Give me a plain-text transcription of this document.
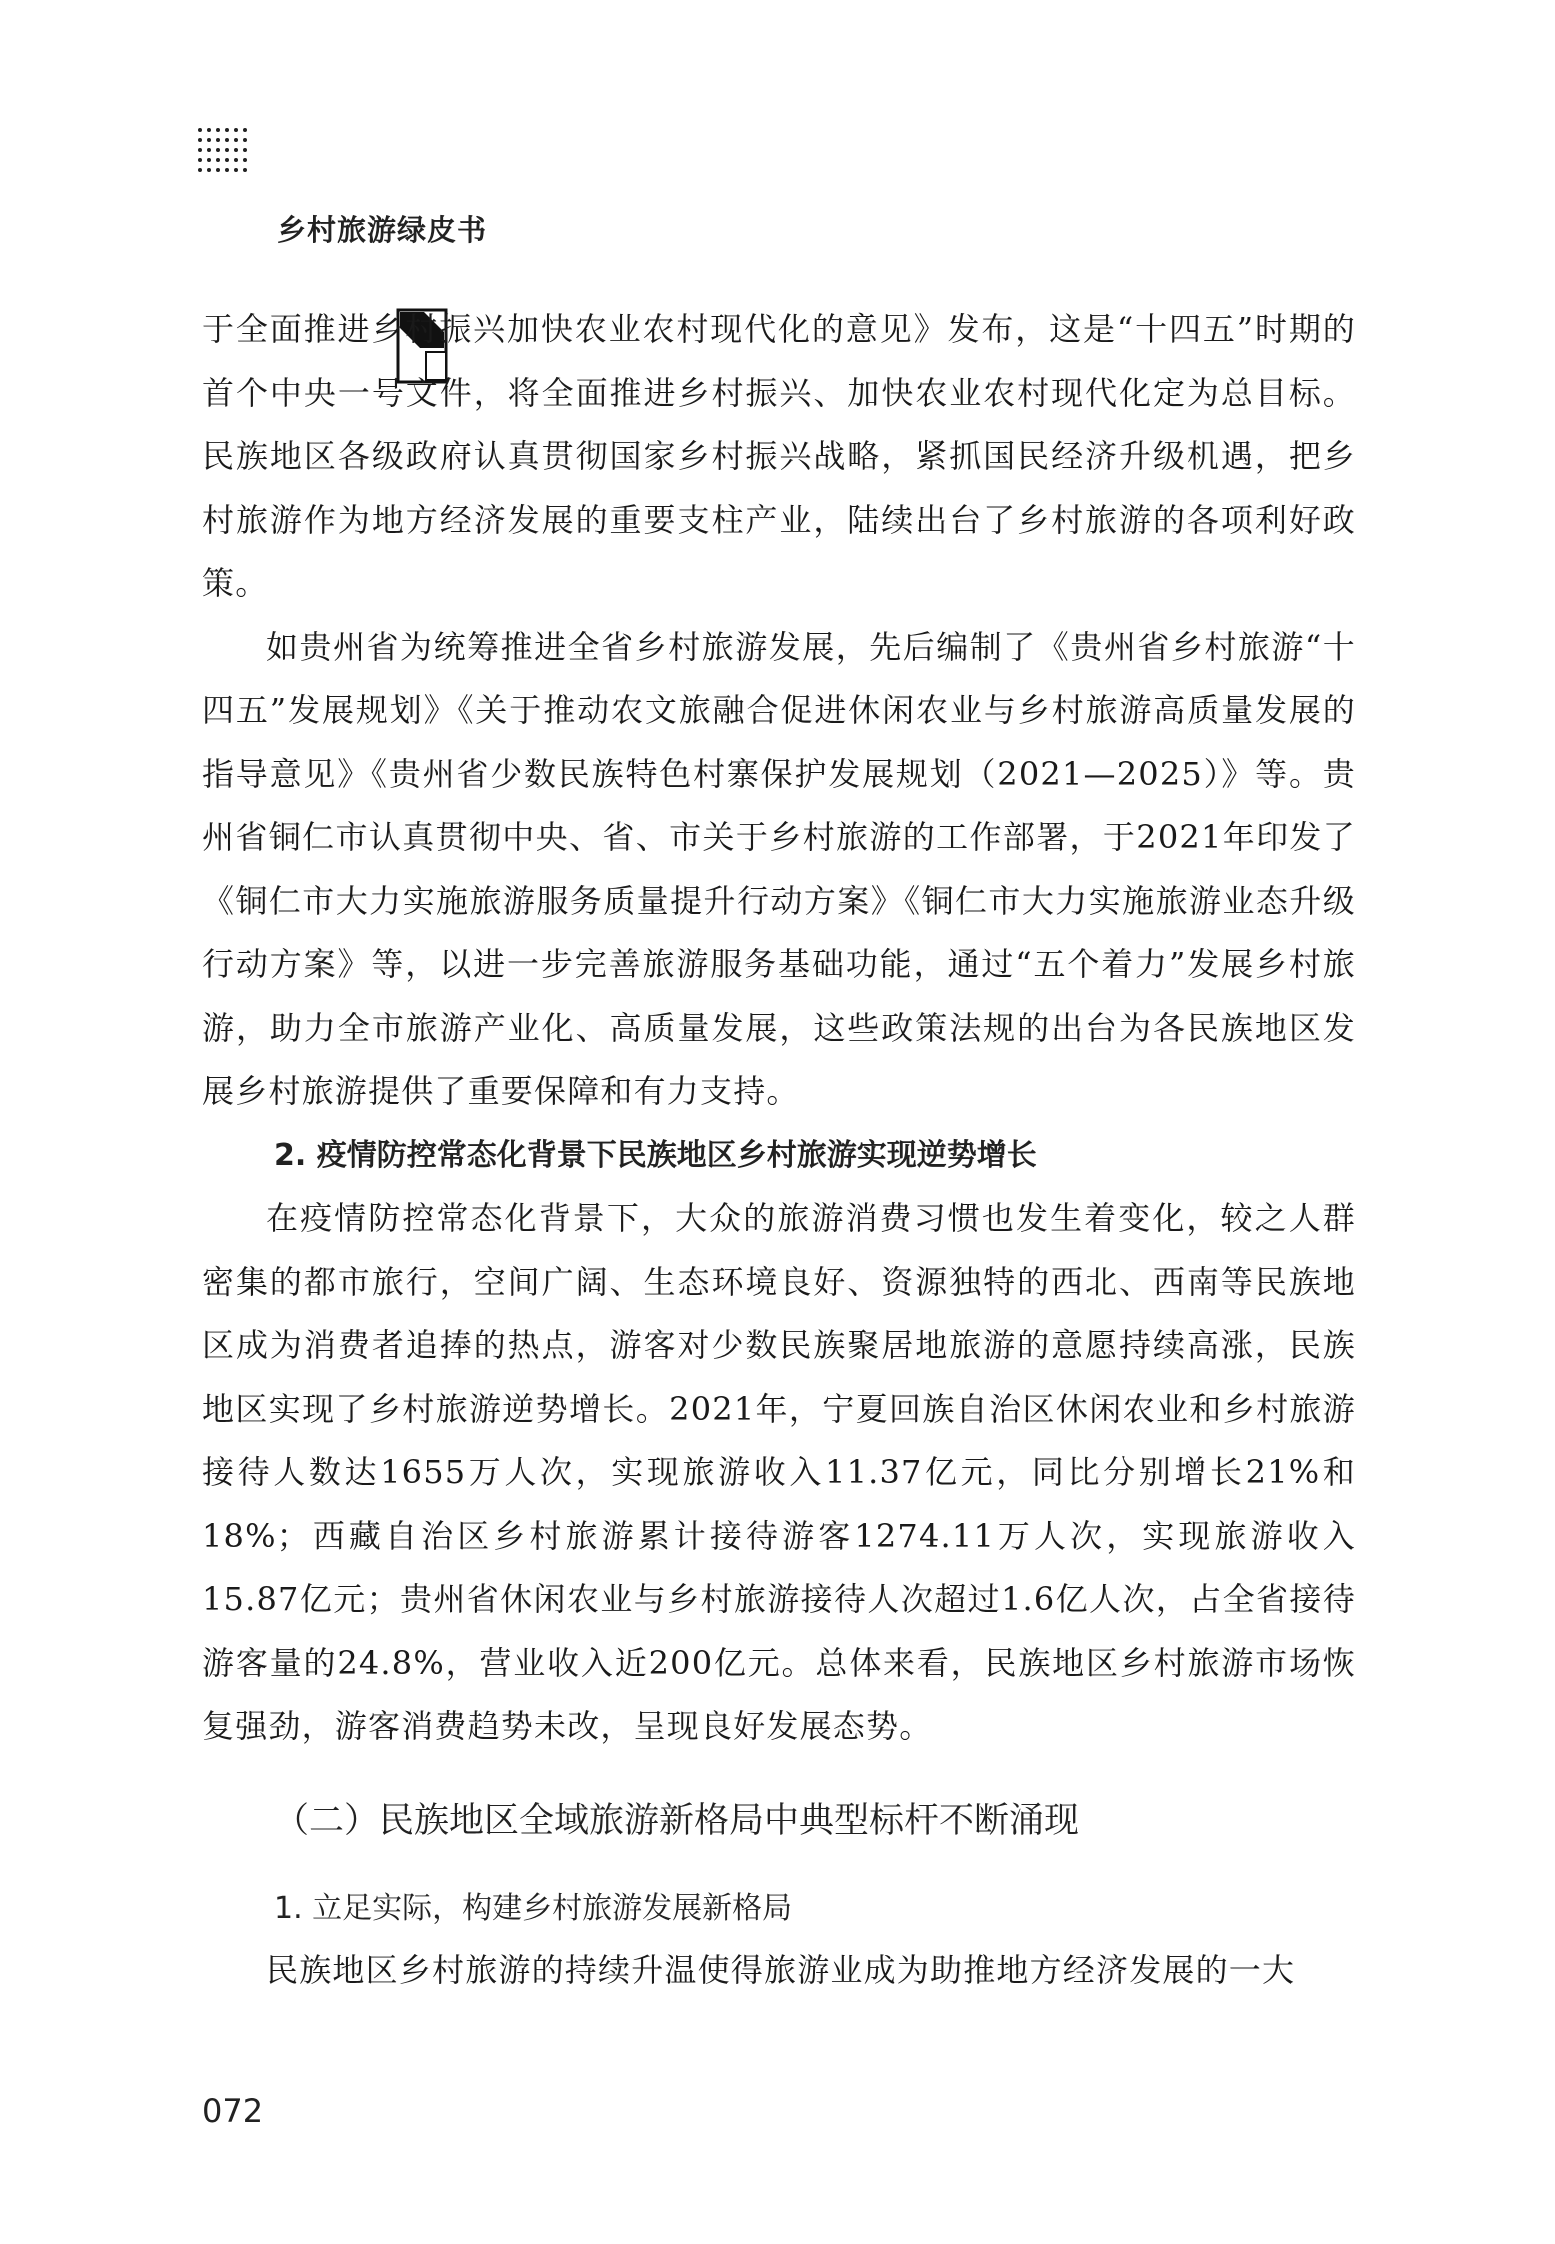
乡村旅游绿皮书

于全面推进乡村振兴加快农业农村现代化的意见》发布，这是“十四五”时期的首个中央一号文件，将全面推进乡村振兴、加快农业农村现代化定为总目标。民族地区各级政府认真贯彻国家乡村振兴战略，紧抓国民经济升级机遇，把乡村旅游作为地方经济发展的重要支柱产业，陆续出台了乡村旅游的各项利好政策。

如贵州省为统筹推进全省乡村旅游发展，先后编制了《贵州省乡村旅游“十四五”发展规划》《关于推动农文旅融合促进休闲农业与乡村旅游高质量发展的指导意见》《贵州省少数民族特色村寨保护发展规划（2021—2025）》等。贵州省铜仁市认真贯彻中央、省、市关于乡村旅游的工作部署，于2021年印发了《铜仁市大力实施旅游服务质量提升行动方案》《铜仁市大力实施旅游业态升级行动方案》等，以进一步完善旅游服务基础功能，通过“五个着力”发展乡村旅游，助力全市旅游产业化、高质量发展，这些政策法规的出台为各民族地区发展乡村旅游提供了重要保障和有力支持。

2. 疫情防控常态化背景下民族地区乡村旅游实现逆势增长

在疫情防控常态化背景下，大众的旅游消费习惯也发生着变化，较之人群密集的都市旅行，空间广阔、生态环境良好、资源独特的西北、西南等民族地区成为消费者追捧的热点，游客对少数民族聚居地旅游的意愿持续高涨，民族地区实现了乡村旅游逆势增长。2021年，宁夏回族自治区休闲农业和乡村旅游接待人数达1655万人次，实现旅游收入11.37亿元，同比分别增长21%和18%；西藏自治区乡村旅游累计接待游客1274.11万人次，实现旅游收入15.87亿元；贵州省休闲农业与乡村旅游接待人次超过1.6亿人次，占全省接待游客量的24.8%，营业收入近200亿元。总体来看，民族地区乡村旅游市场恢复强劲，游客消费趋势未改，呈现良好发展态势。

（二）民族地区全域旅游新格局中典型标杆不断涌现

1. 立足实际，构建乡村旅游发展新格局

民族地区乡村旅游的持续升温使得旅游业成为助推地方经济发展的一大

072
